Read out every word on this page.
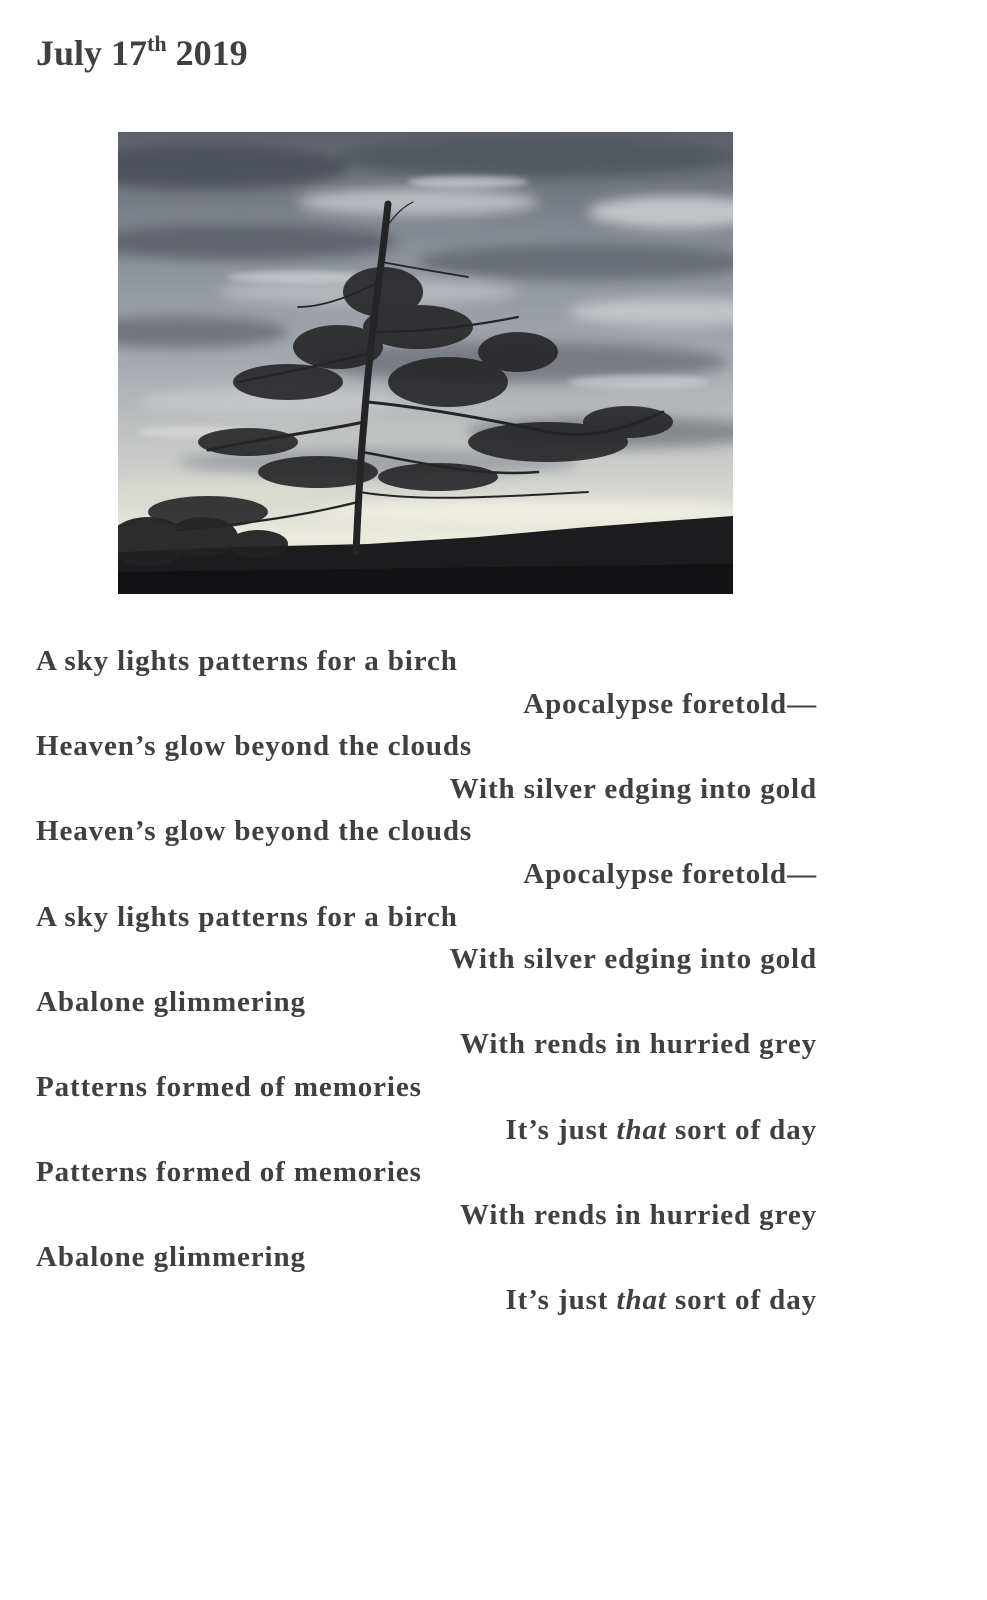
July 17th 2019
A sky lights patterns for a birch
Apocalypse foretold—
Heaven’s glow beyond the clouds
With silver edging into gold
Heaven’s glow beyond the clouds
Apocalypse foretold—
A sky lights patterns for a birch
With silver edging into gold
Abalone glimmering
With rends in hurried grey
Patterns formed of memories
It’s just that sort of day
Patterns formed of memories
With rends in hurried grey
Abalone glimmering
It’s just that sort of day
